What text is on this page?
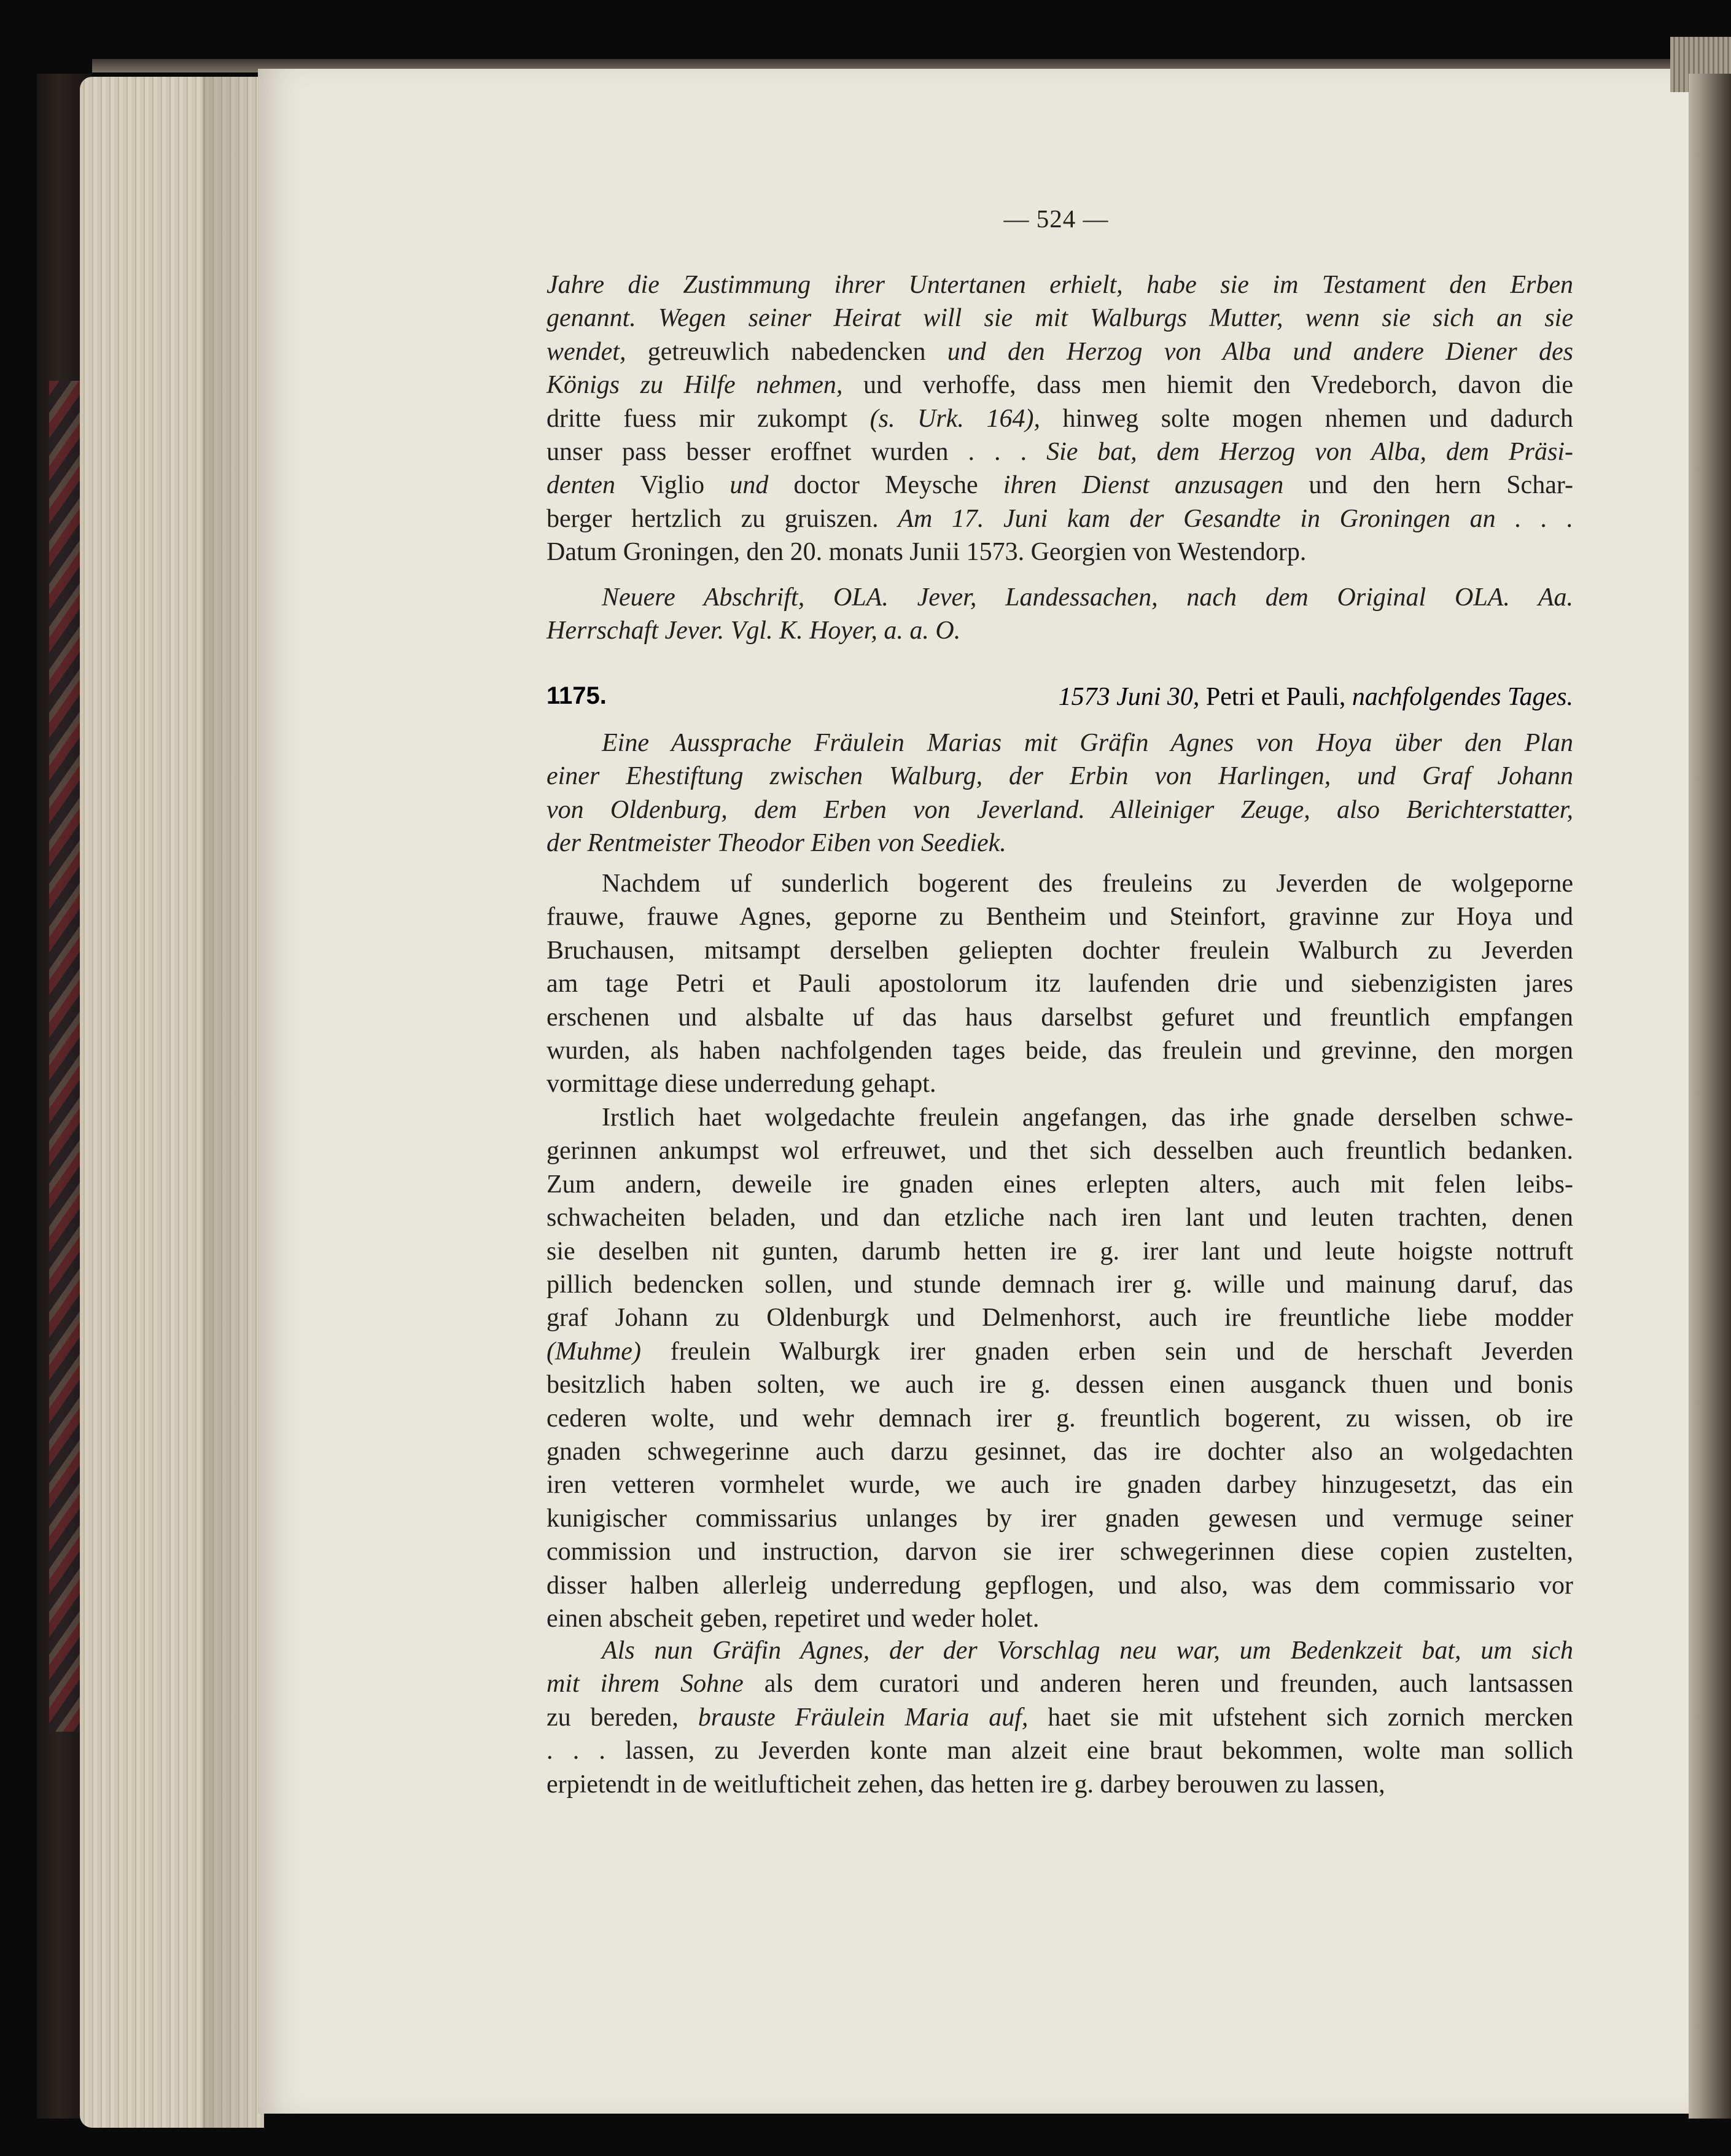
— 524 —
Jahre die Zustimmung ihrer Untertanen erhielt, habe sie im Testament den Erben
genannt. Wegen seiner Heirat will sie mit Walburgs Mutter, wenn sie sich an sie
wendet, getreuwlich nabedencken und den Herzog von Alba und andere Diener des
Königs zu Hilfe nehmen, und verhoffe, dass men hiemit den Vredeborch, davon die
dritte fuess mir zukompt (s. Urk. 164), hinweg solte mogen nhemen und dadurch
unser pass besser eroffnet wurden . . . Sie bat, dem Herzog von Alba, dem Präsi-
denten Viglio und doctor Meysche ihren Dienst anzusagen und den hern Schar-
berger hertzlich zu gruiszen. Am 17. Juni kam der Gesandte in Groningen an . . .
Datum Groningen, den 20. monats Junii 1573. Georgien von Westendorp.
Neuere Abschrift, OLA. Jever, Landessachen, nach dem Original OLA. Aa.
Herrschaft Jever. Vgl. K. Hoyer, a. a. O.
1175.	1573 Juni 30, Petri et Pauli, nachfolgendes Tages.
Eine Aussprache Fräulein Marias mit Gräfin Agnes von Hoya über den Plan
einer Ehestiftung zwischen Walburg, der Erbin von Harlingen, und Graf Johann
von Oldenburg, dem Erben von Jeverland. Alleiniger Zeuge, also Berichterstatter,
der Rentmeister Theodor Eiben von Seediek.
Nachdem uf sunderlich bogerent des freuleins zu Jeverden de wolgeporne
frauwe, frauwe Agnes, geporne zu Bentheim und Steinfort, gravinne zur Hoya und
Bruchausen, mitsampt derselben geliepten dochter freulein Walburch zu Jeverden
am tage Petri et Pauli apostolorum itz laufenden drie und siebenzigisten jares
erschenen und alsbalte uf das haus darselbst gefuret und freuntlich empfangen
wurden, als haben nachfolgenden tages beide, das freulein und grevinne, den morgen
vormittage diese underredung gehapt.
Irstlich haet wolgedachte freulein angefangen, das irhe gnade derselben schwe-
gerinnen ankumpst wol erfreuwet, und thet sich desselben auch freuntlich bedanken.
Zum andern, deweile ire gnaden eines erlepten alters, auch mit felen leibs-
schwacheiten beladen, und dan etzliche nach iren lant und leuten trachten, denen
sie deselben nit gunten, darumb hetten ire g. irer lant und leute hoigste nottruft
pillich bedencken sollen, und stunde demnach irer g. wille und mainung daruf, das
graf Johann zu Oldenburgk und Delmenhorst, auch ire freuntliche liebe modder
(Muhme) freulein Walburgk irer gnaden erben sein und de herschaft Jeverden
besitzlich haben solten, we auch ire g. dessen einen ausganck thuen und bonis
cederen wolte, und wehr demnach irer g. freuntlich bogerent, zu wissen, ob ire
gnaden schwegerinne auch darzu gesinnet, das ire dochter also an wolgedachten
iren vetteren vormhelet wurde, we auch ire gnaden darbey hinzugesetzt, das ein
kunigischer commissarius unlanges by irer gnaden gewesen und vermuge seiner
commission und instruction, darvon sie irer schwegerinnen diese copien zustelten,
disser halben allerleig underredung gepflogen, und also, was dem commissario vor
einen abscheit geben, repetiret und weder holet.
Als nun Gräfin Agnes, der der Vorschlag neu war, um Bedenkzeit bat, um sich
mit ihrem Sohne als dem curatori und anderen heren und freunden, auch lantsassen
zu bereden, brauste Fräulein Maria auf, haet sie mit ufstehent sich zornich mercken
. . . lassen, zu Jeverden konte man alzeit eine braut bekommen, wolte man sollich
erpietendt in de weitlufticheit zehen, das hetten ire g. darbey berouwen zu lassen,
